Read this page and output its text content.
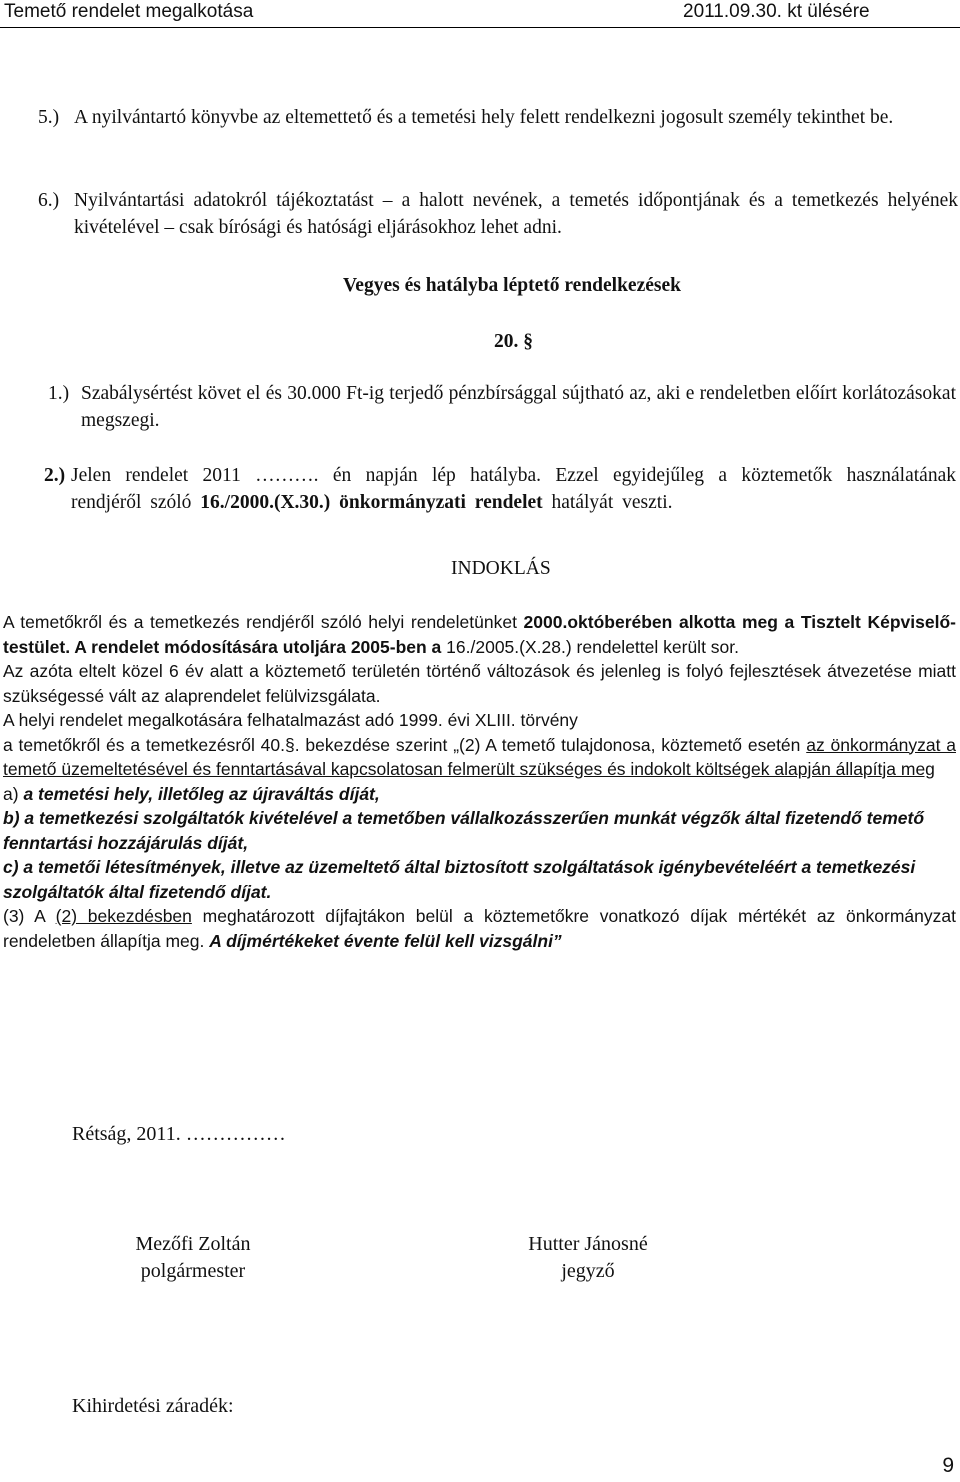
Temető rendelet megalkotása	2011.09.30. kt ülésére
5.) A nyilvántartó könyvbe az eltemettető és a temetési hely felett rendelkezni jogosult személy tekinthet be.
6.) Nyilvántartási adatokról tájékoztatást – a halott nevének, a temetés időpontjának és a temetkezés helyének kivételével – csak bírósági és hatósági eljárásokhoz lehet adni.
Vegyes és hatályba léptető rendelkezések
20. §
1.) Szabálysértést követ el és 30.000 Ft-ig terjedő pénzbírsággal sújtható az, aki e rendeletben előírt korlátozásokat megszegi.
2.) Jelen rendelet 2011 ………. én napján lép hatályba. Ezzel egyidejűleg a köztemetők használatának rendjéről szóló 16./2000.(X.30.) önkormányzati rendelet hatályát veszti.
INDOKLÁS

A temetőkről és a temetkezés rendjéről szóló helyi rendeletünket 2000.októberében alkotta meg a Tisztelt Képviselő-testület. A rendelet módosítására utoljára 2005-ben a 16./2005.(X.28.) rendelettel került sor.

Az azóta eltelt közel 6 év alatt a köztemető területén történő változások és jelenleg is folyó fejlesztések átvezetése miatt szükségessé vált az alaprendelet felülvizsgálata.

A helyi rendelet megalkotására felhatalmazást adó 1999. évi XLIII. törvény

a temetőkről és a temetkezésről 40.§. bekezdése szerint „(2) A temető tulajdonosa, köztemető esetén az önkormányzat a temető üzemeltetésével és fenntartásával kapcsolatosan felmerült szükséges és indokolt költségek alapján állapítja meg

a) a temetési hely, illetőleg az újraváltás díját,

b) a temetkezési szolgáltatók kivételével a temetőben vállalkozásszerűen munkát végzők által fizetendő temető fenntartási hozzájárulás díját,

c) a temetői létesítmények, illetve az üzemeltető által biztosított szolgáltatások igénybevételéért a temetkezési szolgáltatók által fizetendő díjat.

(3) A (2) bekezdésben meghatározott díjfajtákon belül a köztemetőkre vonatkozó díjak mértékét az önkormányzat rendeletben állapítja meg. A díjmértékeket évente felül kell vizsgálni”

Rétság, 2011. ……………
Mezőfi Zoltán
polgármester
Hutter Jánosné
jegyző
Kihirdetési záradék:
9
